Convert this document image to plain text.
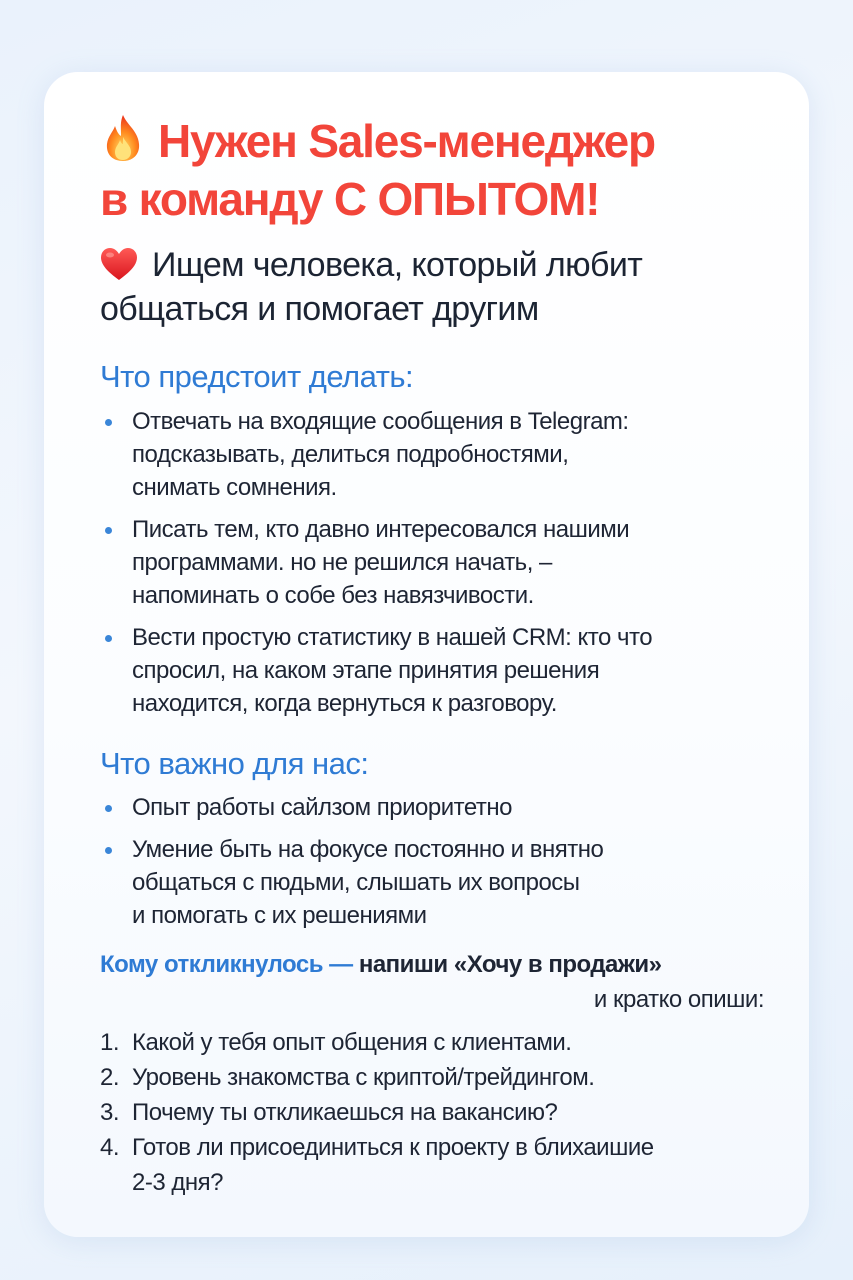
Нужен Sales-менеджер
в команду С ОПЫТОМ!

Ищем человека, который любит
общаться и помогает другим

Что предстоит делать:
Отвечать на входящие сообщения в Telegram:
подсказывать, делиться подробностями,
снимать сомнения.
Писать тем, кто давно интересовался нашими
программами. но не решился начать, –
напоминать о собе без навязчивости.
Вести простую статистику в нашей CRM: кто что
спросил, на каком этапе принятия решения
находится, когда вернуться к разговору.
Что важно для нас:
Опыт работы сайлзом приоритетно
Умение быть на фокусе постоянно и внятно
общаться с пюдьми, слышать их вопросы
и помогать с их решениями
Кому откликнулось — напиши «Хочу в продажи»
и кратко опиши:
1. Какой у тебя опыт общения с клиентами.
2. Уровень знакомства с криптой/трейдингом.
3. Почему ты откликаешься на вакансию?
4. Готов ли присоединиться к проекту в блихаишие
2-3 дня?
